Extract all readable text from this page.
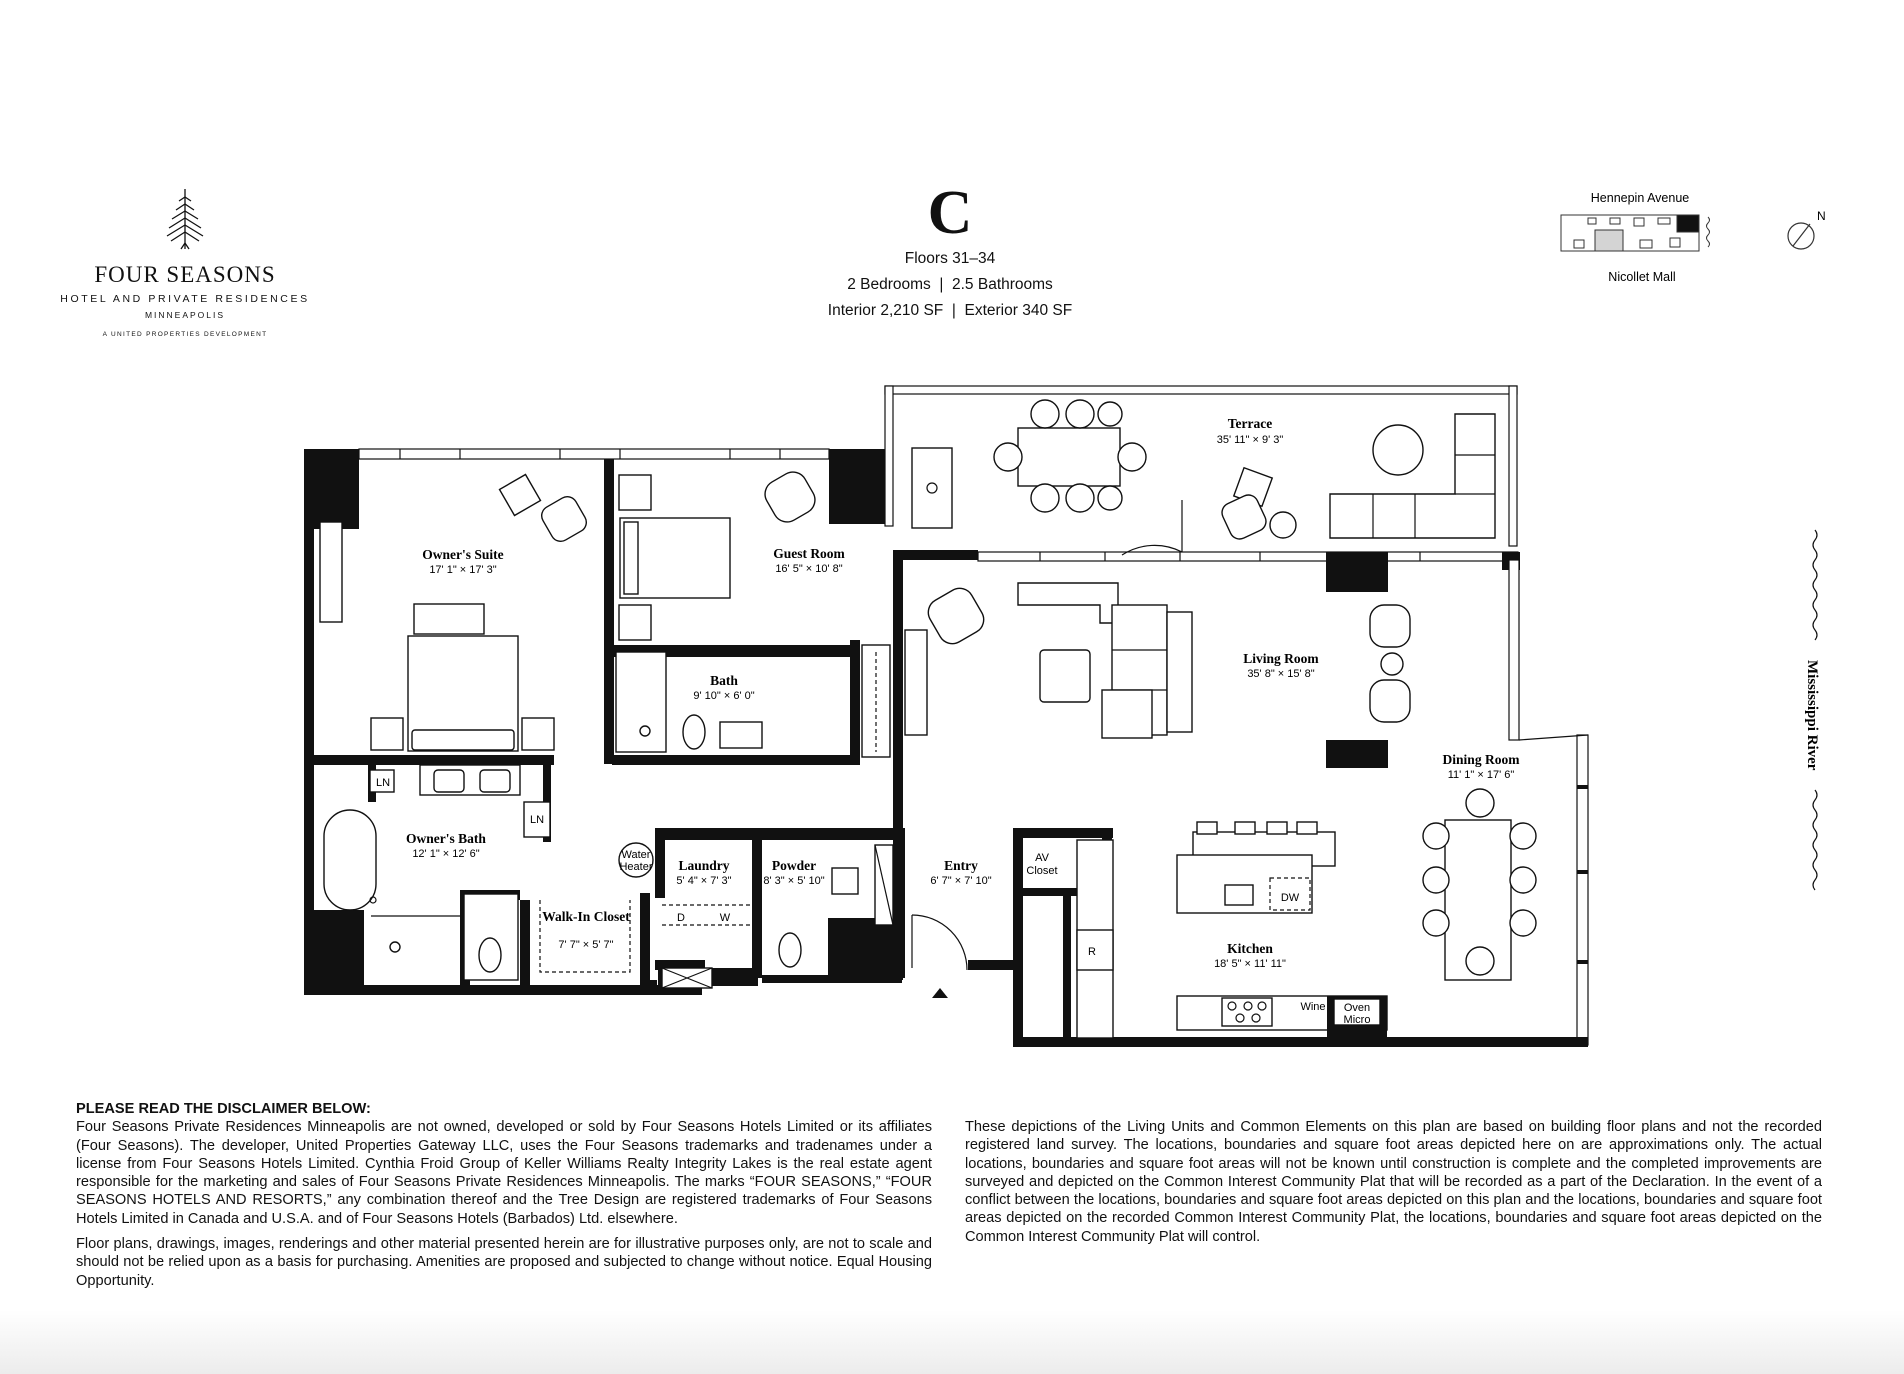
FOUR SEASONS
HOTEL AND PRIVATE RESIDENCES
MINNEAPOLIS
A UNITED PROPERTIES DEVELOPMENT
C
Floors 31–34
2 Bedrooms  |  2.5 Bathrooms
Interior 2,210 SF  |  Exterior 340 SF
Hennepin Avenue
Nicollet Mall
N
Terrace
35' 11" × 9' 3"
Owner's Suite
17' 1" × 17' 3"
Guest Room
16' 5" × 10' 8"
Bath
9' 10" × 6' 0"
Living Room
35' 8" × 15' 8"
Dining Room
11' 1" × 17' 6"
Owner's Bath
12' 1" × 12' 6"
Laundry
5' 4" × 7' 3"
Powder
8' 3" × 5' 10"
Entry
6' 7" × 7' 10"
Walk-In Closet
7' 7" × 5' 7"	Kitchen
18' 5" × 11' 11"
LN
LN
Water
Heater
D	W
AV
Closet
R
DW
Wine Oven
Micro
Mississippi River

PLEASE READ THE DISCLAIMER BELOW:

Four Seasons Private Residences Minneapolis are not owned, developed or sold by Four Seasons Hotels Limited or its affiliates (Four Seasons). The developer, United Properties Gateway LLC, uses the Four Seasons trademarks and tradenames under a license from Four Seasons Hotels Limited. Cynthia Froid Group of Keller Williams Realty Integrity Lakes is the real estate agent responsible for the marketing and sales of Four Seasons Private Residences Minneapolis. The marks “FOUR SEASONS,” “FOUR SEASONS HOTELS AND RESORTS,” any combination thereof and the Tree Design are registered trademarks of Four Seasons Hotels Limited in Canada and U.S.A. and of Four Seasons Hotels (Barbados) Ltd. elsewhere.

Floor plans, drawings, images, renderings and other material presented herein are for illustrative purposes only, are not to scale and should not be relied upon as a basis for purchasing. Amenities are proposed and subjected to change without notice. Equal Housing Opportunity.

These depictions of the Living Units and Common Elements on this plan are based on building floor plans and not the recorded registered land survey. The locations, boundaries and square foot areas depicted here on are approximations only. The actual locations, boundaries and square foot areas will not be known until construction is complete and the completed improvements are surveyed and depicted on the Common Interest Community Plat that will be recorded as a part of the Declaration. In the event of a conflict between the locations, boundaries and square foot areas depicted on this plan and the locations, boundaries and square foot areas depicted on the recorded Common Interest Community Plat, the locations, boundaries and square foot areas depicted on the Common Interest Community Plat will control.
